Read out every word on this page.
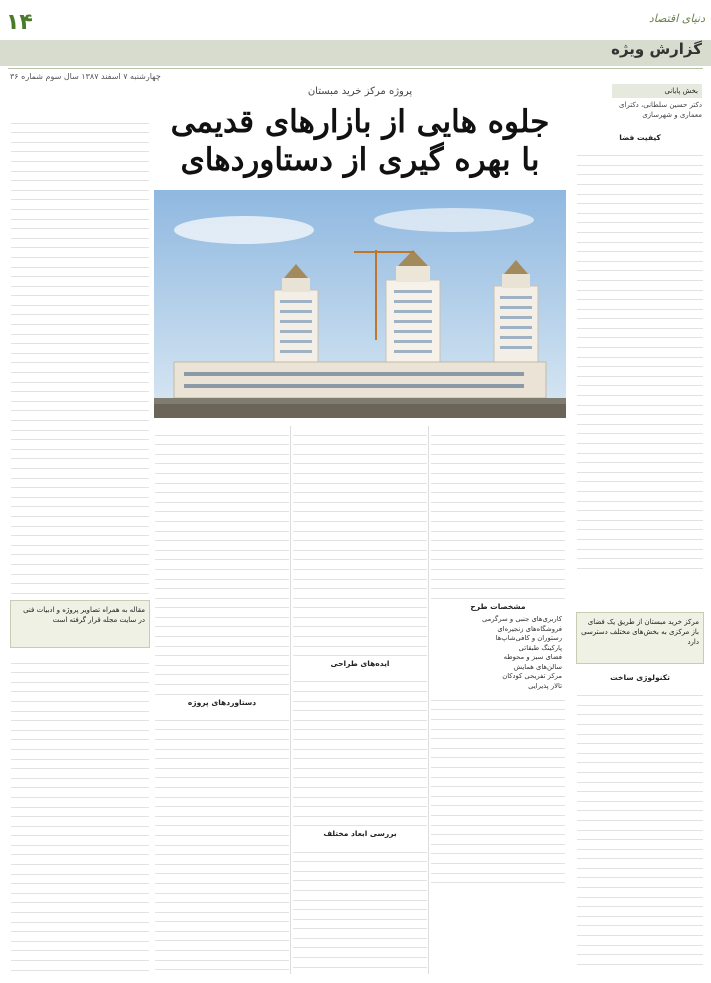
۱۴	دنیای اقتصاد
گزارش ویژه
چهارشنبه ۷ اسفند ۱۳۸۷ سال سوم شماره ۳۶
بخش پایانی
دکتر حسین سلطانی، دکترای معماری و شهرسازی
پروژه مرکز خرید مبستان
جلوه هایی از بازارهای قدیمی
با بهره گیری از دستاوردهای
مقاله به همراه تصاویر پروژه و ادبیات فنی در سایت مجله قرار گرفته است
کیفیت فضا
مرکز خرید مبستان از طریق یک فضای باز مرکزی به بخش‌های مختلف دسترسی دارد
تکنولوژی ساخت
مشخصات طرح
کاربری‌های جنبی و سرگرمی
فروشگاه‌های زنجیره‌ای
رستوران و کافی‌شاپ‌ها
پارکینگ طبقاتی
فضای سبز و محوطه
سالن‌های همایش
مرکز تفریحی کودکان
تالار پذیرایی
ایده‌های طراحی
بررسی ابعاد مختلف
دستاوردهای پروژه
